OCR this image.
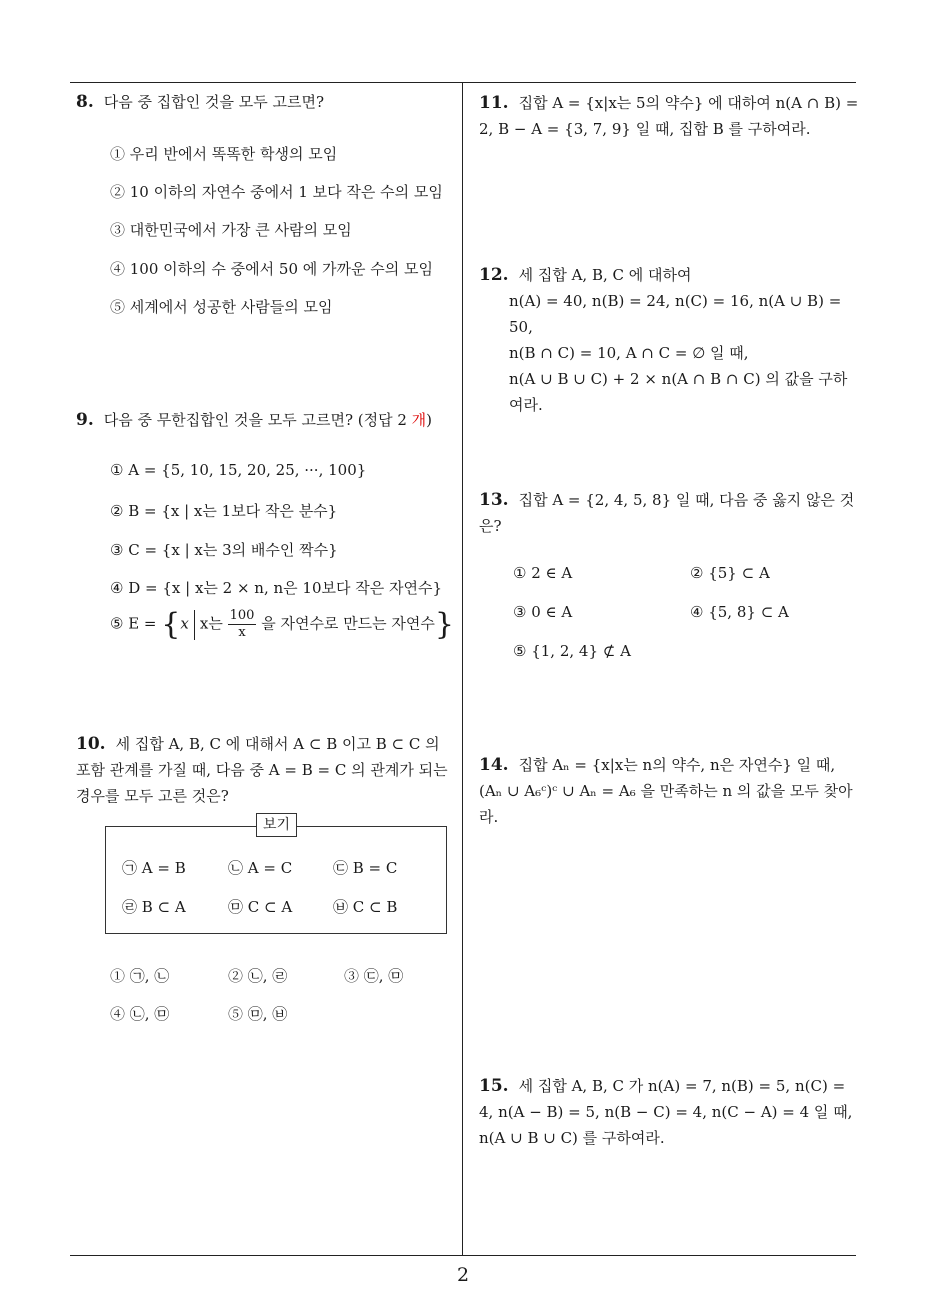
2
8. 다음 중 집합인 것을 모두 고르면?
① 우리 반에서 똑똑한 학생의 모임
② 10 이하의 자연수 중에서 1 보다 작은 수의 모임
③ 대한민국에서 가장 큰 사람의 모임
④ 100 이하의 수 중에서 50 에 가까운 수의 모임
⑤ 세계에서 성공한 사람들의 모임
9. 다음 중 무한집합인 것을 모두 고르면? (정답 2 개)
① A = {5, 10, 15, 20, 25, ···, 100}
② B = {x | x는 1보다 작은 분수}
③ C = {x | x는 3의 배수인 짝수}
④ D = {x | x는 2 × n, n은 10보다 작은 자연수}
⑤ E = {x x는 $\frac{100}{x}$ 을 자연수로 만드는 자연수}
10. 세 집합 A, B, C 에 대해서 A ⊂ B 이고 B ⊂ C 의 포함 관계를 가질 때, 다음 중 A = B = C 의 관계가 되는 경우를 모두 고른 것은?
보기
㉠ A = B	㉡ A = C	㉢ B = C
㉣ B ⊂ A	㉤ C ⊂ A	㉥ C ⊂ B
① ㉠, ㉡	② ㉡, ㉣	③ ㉢, ㉤
④ ㉡, ㉤	⑤ ㉤, ㉥
11. 집합 A = {x|x는 5의 약수} 에 대하여 n(A ∩ B) = 2, B − A = {3, 7, 9} 일 때, 집합 B 를 구하여라.
12. 세 집합 A, B, C 에 대하여
n(A) = 40, n(B) = 24, n(C) = 16, n(A ∪ B) = 50,
n(B ∩ C) = 10, A ∩ C = ∅ 일 때,
n(A ∪ B ∪ C) + 2 × n(A ∩ B ∩ C) 의 값을 구하여라.
13. 집합 A = {2, 4, 5, 8} 일 때, 다음 중 옳지 않은 것은?
① 2 ∈ A	② {5} ⊂ A
③ 0 ∈ A	④ {5, 8} ⊂ A
⑤ {1, 2, 4} ⊄ A
14. 집합 Aₙ = {x|x는 n의 약수, n은 자연수} 일 때, (Aₙ ∪ A₆ᶜ)ᶜ ∪ Aₙ = A₆ 을 만족하는 n 의 값을 모두 찾아라.
15. 세 집합 A, B, C 가 n(A) = 7, n(B) = 5, n(C) = 4, n(A − B) = 5, n(B − C) = 4, n(C − A) = 4 일 때, n(A ∪ B ∪ C) 를 구하여라.
